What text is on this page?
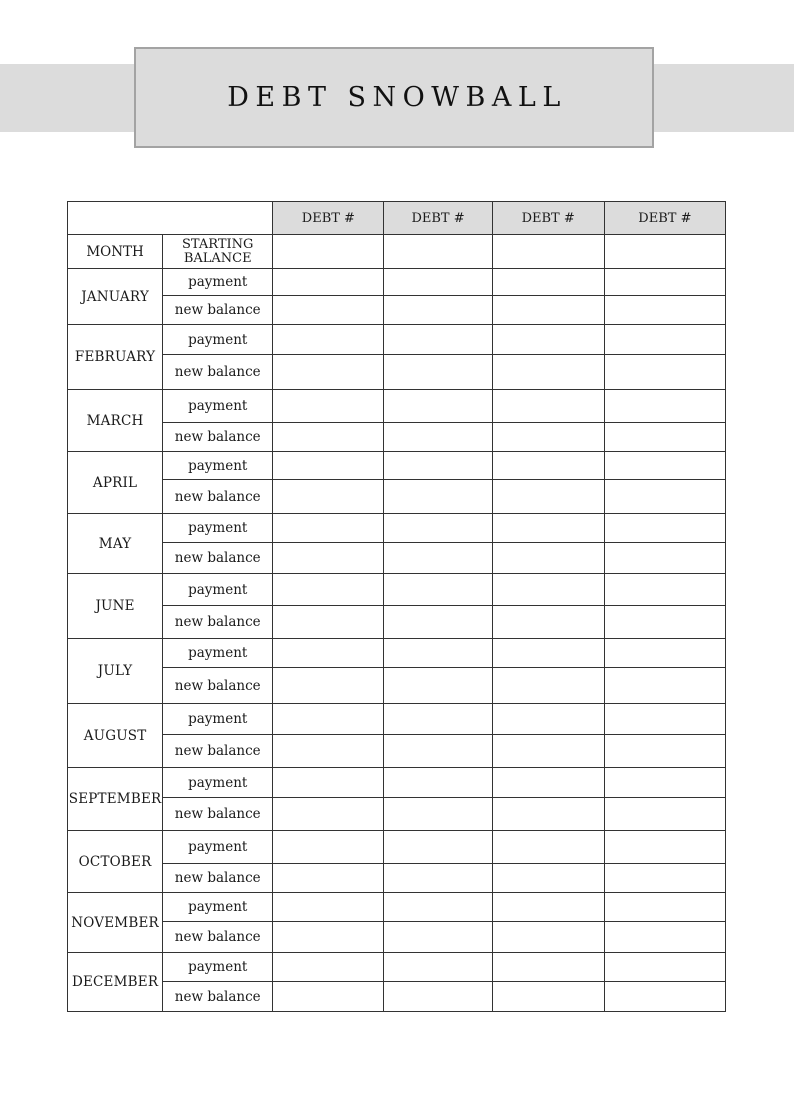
DEBT SNOWBALL
		DEBT #	DEBT #	DEBT #	DEBT #
MONTH	STARTING
BALANCE				

JANUARY	payment				
	new balance				
FEBRUARY	payment				
	new balance				
MARCH	payment				
	new balance				
APRIL	payment				
	new balance				
MAY	payment				
	new balance				
JUNE	payment				
	new balance				
JULY	payment				
	new balance				
AUGUST	payment				
	new balance				
SEPTEMBER	payment				
	new balance				
OCTOBER	payment				
	new balance				
NOVEMBER	payment				
	new balance				
DECEMBER	payment				
	new balance				
